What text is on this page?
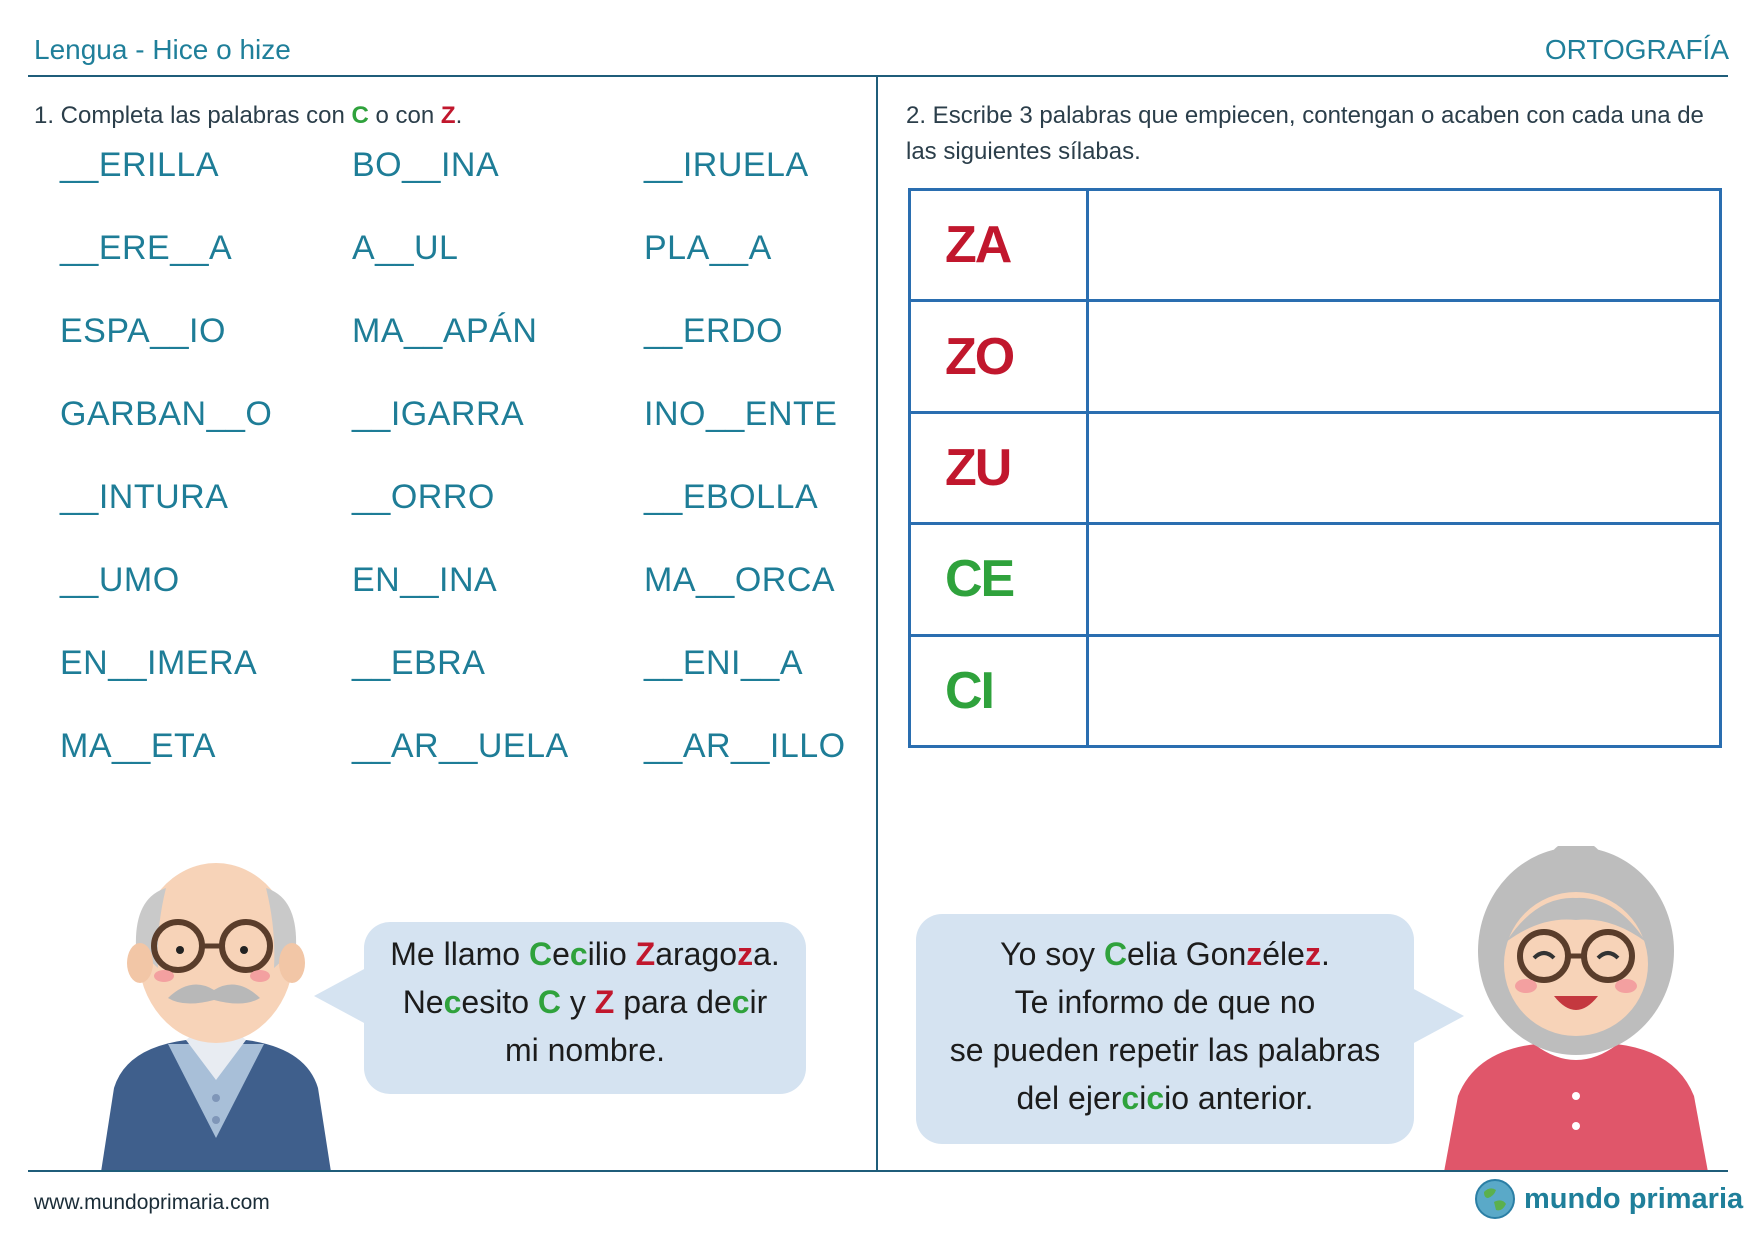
Lengua - Hice o hize	ORTOGRAFÍA
1. Completa las palabras con C o con Z.
__ERILLA	BO__INA	__IRUELA
__ERE__A	A__UL	PLA__A
ESPA__IO	MA__APÁN	__ERDO
GARBAN__O	__IGARRA	INO__ENTE
__INTURA	__ORRO	__EBOLLA
__UMO	EN__INA	MA__ORCA
EN__IMERA	__EBRA	__ENI__A
MA__ETA	__AR__UELA	__AR__ILLO
2. Escribe 3 palabras que empiecen, contengan o acaben con cada una de las siguientes sílabas.
ZA	
ZO	
ZU	
CE	
CI	
Me llamo Cecilio Zaragoza.
Necesito C y Z para decir
mi nombre.
Yo soy Celia Gonzélez.
Te informo de que no
se pueden repetir las palabras
del ejercicio anterior.
www.mundoprimaria.com	mundo primaria
